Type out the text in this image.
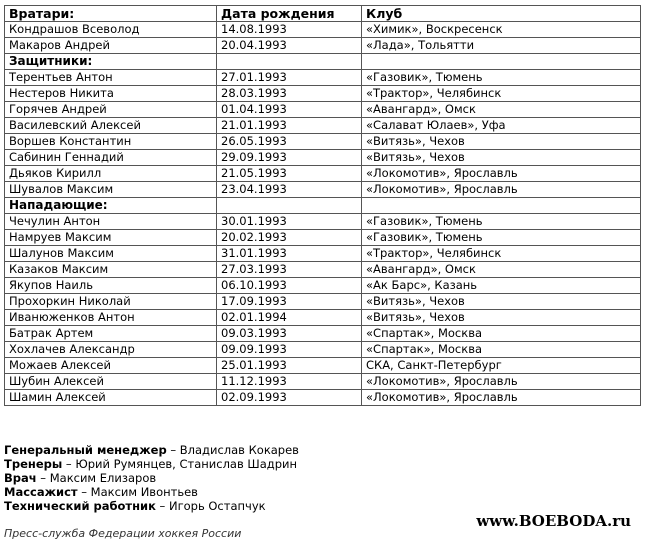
Вратари:	Дата рождения	Клуб
Кондрашов Всеволод	14.08.1993	«Химик», Воскресенск
Макаров Андрей	20.04.1993	«Лада», Тольятти
Защитники:		
Терентьев Антон	27.01.1993	«Газовик», Тюмень
Нестеров Никита	28.03.1993	«Трактор», Челябинск
Горячев Андрей	01.04.1993	«Авангард», Омск
Василевский Алексей	21.01.1993	«Салават Юлаев», Уфа
Воршев Константин	26.05.1993	«Витязь», Чехов
Сабинин Геннадий	29.09.1993	«Витязь», Чехов
Дьяков Кирилл	21.05.1993	«Локомотив», Ярославль
Шувалов Максим	23.04.1993	«Локомотив», Ярославль
Нападающие:		
Чечулин Антон	30.01.1993	«Газовик», Тюмень
Намруев Максим	20.02.1993	«Газовик», Тюмень
Шалунов Максим	31.01.1993	«Трактор», Челябинск
Казаков Максим	27.03.1993	«Авангард», Омск
Якупов Наиль	06.10.1993	«Ак Барс», Казань
Прохоркин Николай	17.09.1993	«Витязь», Чехов
Иванюженков Антон	02.01.1994	«Витязь», Чехов
Батрак Артем	09.03.1993	«Спартак», Москва
Хохлачев Александр	09.09.1993	«Спартак», Москва
Можаев Алексей	25.01.1993	СКА, Санкт-Петербург
Шубин Алексей	11.12.1993	«Локомотив», Ярославль
Шамин Алексей	02.09.1993	«Локомотив», Ярославль
Генеральный менеджер – Владислав Кокарев
Тренеры – Юрий Румянцев, Станислав Шадрин
Врач – Максим Елизаров
Массажист – Максим Ивонтьев
Технический работник – Игорь Остапчук
Пресс-служба Федерации хоккея России
www.BOEBODA.ru
